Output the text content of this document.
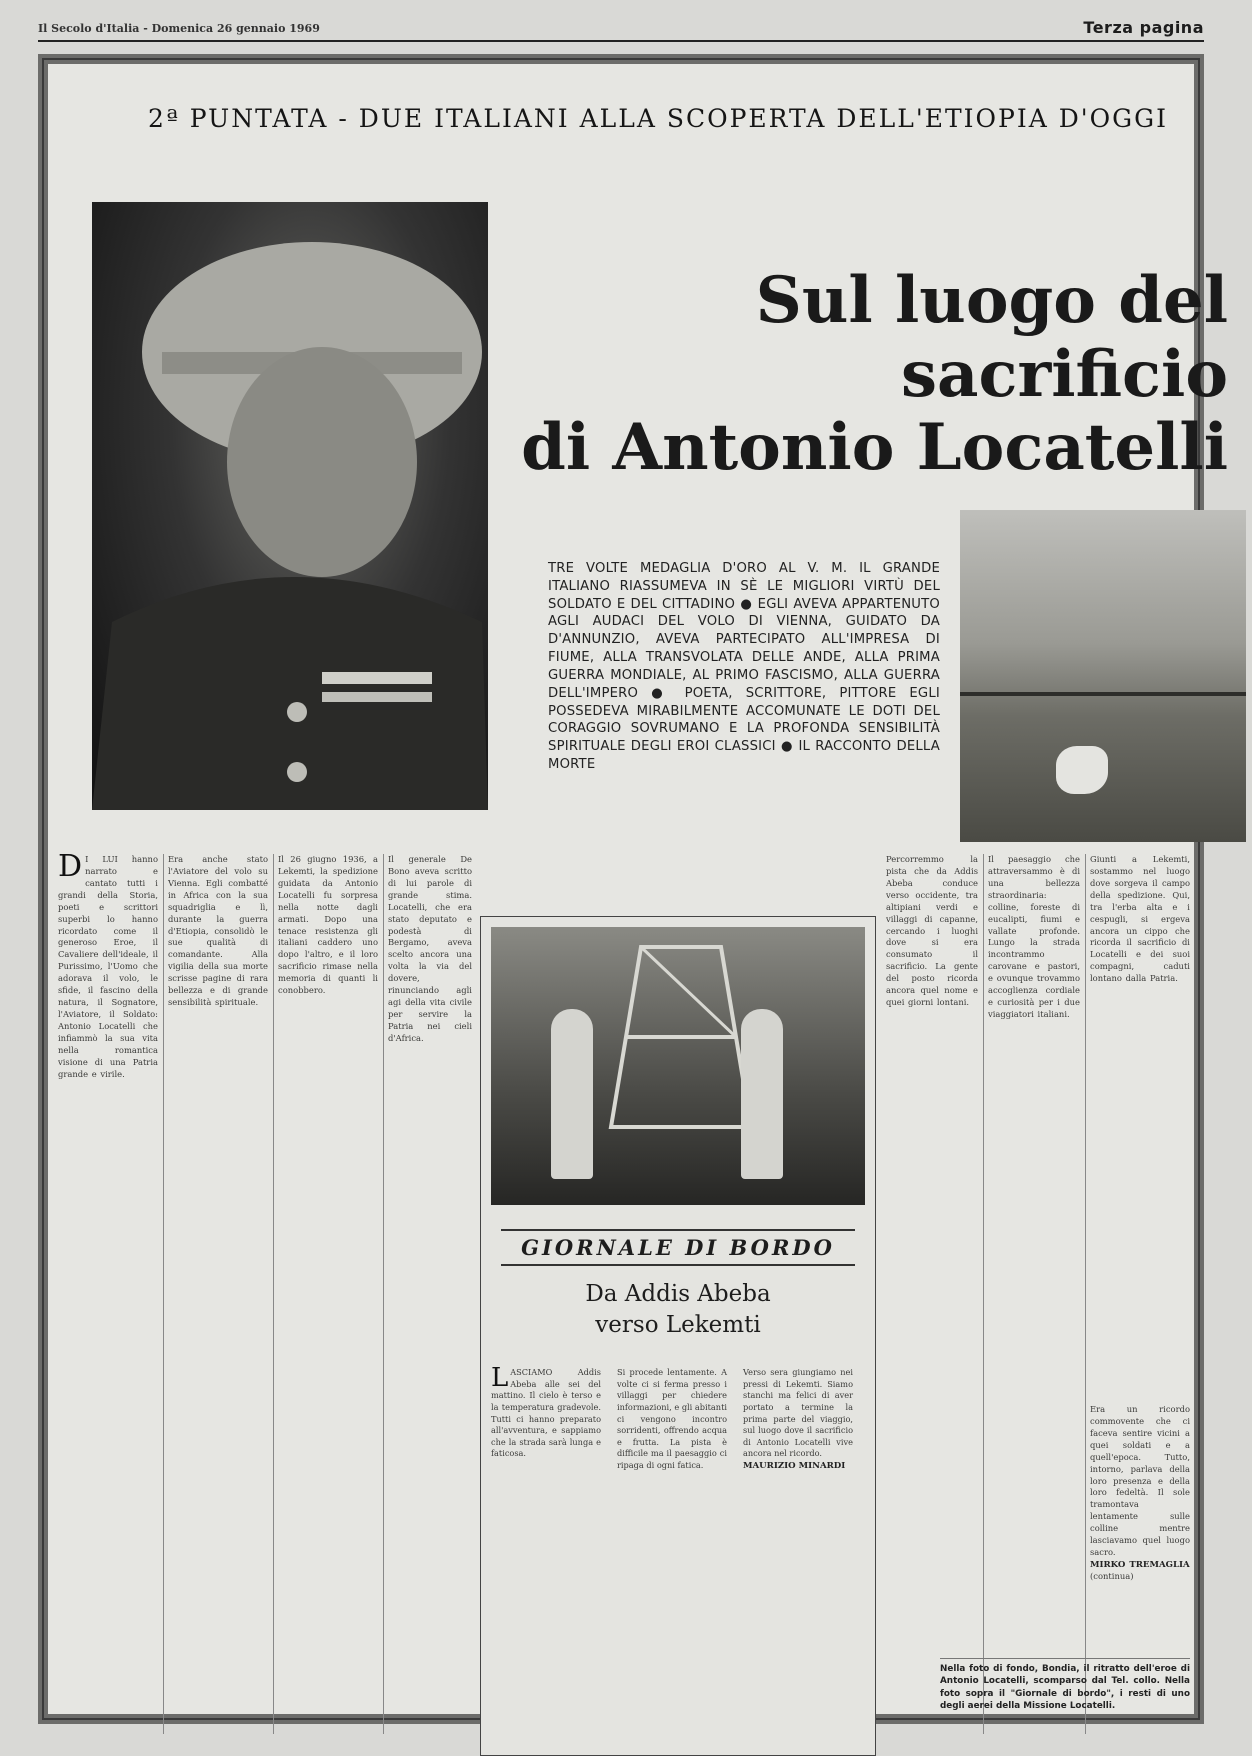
Il Secolo d'Italia - Domenica 26 gennaio 1969	Terza pagina
2ª PUNTATA - DUE ITALIANI ALLA SCOPERTA DELL'ETIOPIA D'OGGI
Sul luogo del sacrificio
di Antonio Locatelli
TRE VOLTE MEDAGLIA D'ORO AL V. M. IL GRANDE ITALIANO RIASSUMEVA IN SÈ LE MIGLIORI VIRTÙ DEL SOLDATO E DEL CITTADINO ● EGLI AVEVA APPARTENUTO AGLI AUDACI DEL VOLO DI VIENNA, GUIDATO DA D'ANNUNZIO, AVEVA PARTECIPATO ALL'IMPRESA DI FIUME, ALLA TRANSVOLATA DELLE ANDE, ALLA PRIMA GUERRA MONDIALE, AL PRIMO FASCISMO, ALLA GUERRA DELL'IMPERO ● POETA, SCRITTORE, PITTORE EGLI POSSEDEVA MIRABILMENTE ACCOMUNATE LE DOTI DEL CORAGGIO SOVRUMANO E LA PROFONDA SENSIBILITÀ SPIRITUALE DEGLI EROI CLASSICI ● IL RACCONTO DELLA MORTE
D I LUI hanno narrato e cantato tutti i grandi della Storia, poeti e scrittori superbi lo hanno ricordato come il generoso Eroe, il Cavaliere dell'ideale, il Purissimo, l'Uomo che adorava il volo, le sfide, il fascino della natura, il Sognatore, l'Aviatore, il Soldato: Antonio Locatelli che infiammò la sua vita nella romantica visione di una Patria grande e virile.
Era anche stato l'Aviatore del volo su Vienna. Egli combatté in Africa con la sua squadriglia e lì, durante la guerra d'Etiopia, consolidò le sue qualità di comandante. Alla vigilia della sua morte scrisse pagine di rara bellezza e di grande sensibilità spirituale.
Il 26 giugno 1936, a Lekemti, la spedizione guidata da Antonio Locatelli fu sorpresa nella notte dagli armati. Dopo una tenace resistenza gli italiani caddero uno dopo l'altro, e il loro sacrificio rimase nella memoria di quanti li conobbero.
Il generale De Bono aveva scritto di lui parole di grande stima. Locatelli, che era stato deputato e podestà di Bergamo, aveva scelto ancora una volta la via del dovere, rinunciando agli agi della vita civile per servire la Patria nei cieli d'Africa.
Percorremmo la pista che da Addis Abeba conduce verso occidente, tra altipiani verdi e villaggi di capanne, cercando i luoghi dove si era consumato il sacrificio. La gente del posto ricorda ancora quel nome e quei giorni lontani.
Il paesaggio che attraversammo è di una bellezza straordinaria: colline, foreste di eucalipti, fiumi e vallate profonde. Lungo la strada incontrammo carovane e pastori, e ovunque trovammo accoglienza cordiale e curiosità per i due viaggiatori italiani.
Giunti a Lekemti, sostammo nel luogo dove sorgeva il campo della spedizione. Qui, tra l'erba alta e i cespugli, si ergeva ancora un cippo che ricorda il sacrificio di Locatelli e dei suoi compagni, caduti lontano dalla Patria.
Era un ricordo commovente che ci faceva sentire vicini a quei soldati e a quell'epoca. Tutto, intorno, parlava della loro presenza e della loro fedeltà. Il sole tramontava lentamente sulle colline mentre lasciavamo quel luogo sacro.
MIRKO TREMAGLIA
(continua)
GIORNALE DI BORDO
Da Addis Abeba
verso Lekemti
L ASCIAMO Addis Abeba alle sei del mattino. Il cielo è terso e la temperatura gradevole. Tutti ci hanno preparato all'avventura, e sappiamo che la strada sarà lunga e faticosa.
Si procede lentamente. A volte ci si ferma presso i villaggi per chiedere informazioni, e gli abitanti ci vengono incontro sorridenti, offrendo acqua e frutta. La pista è difficile ma il paesaggio ci ripaga di ogni fatica.
Verso sera giungiamo nei pressi di Lekemti. Siamo stanchi ma felici di aver portato a termine la prima parte del viaggio, sul luogo dove il sacrificio di Antonio Locatelli vive ancora nel ricordo.
MAURIZIO MINARDI
Nella foto di fondo, Bondia, il ritratto dell'eroe di Antonio Locatelli, scomparso dal Tel. collo. Nella foto sopra il "Giornale di bordo", i resti di uno degli aerei della Missione Locatelli.
